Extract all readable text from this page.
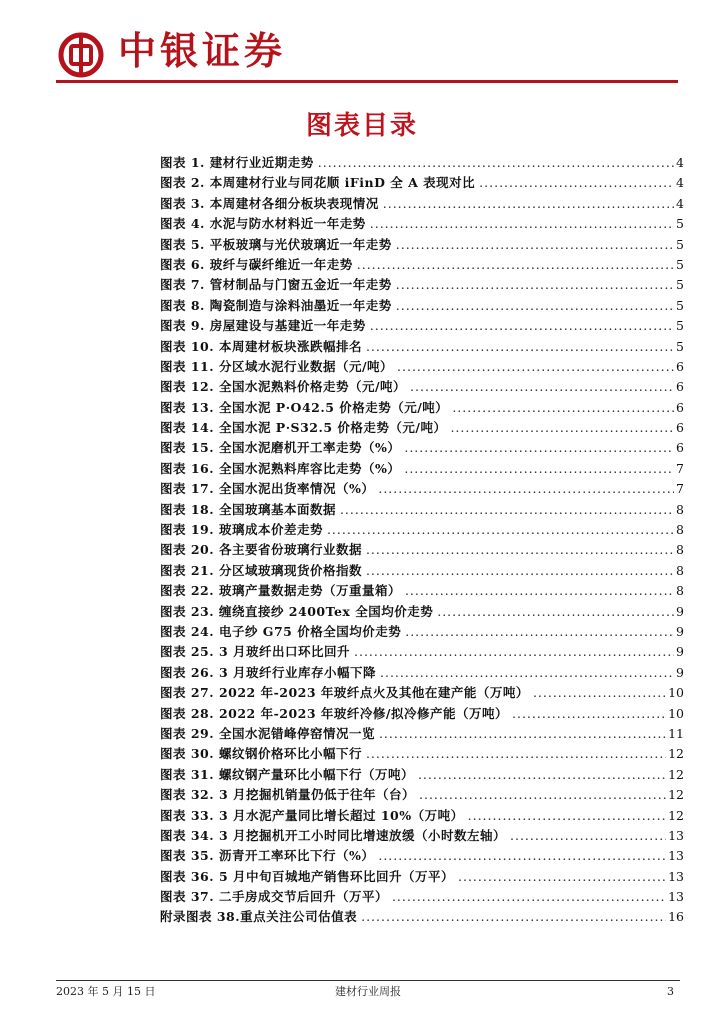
中银证券
图表目录
图表 1. 建材行业近期走势 .....	4
图表 2. 本周建材行业与同花顺 iFinD 全 A 表现对比 .....	4
图表 3. 本周建材各细分板块表现情况 .....	4
图表 4. 水泥与防水材料近一年走势 .....	5
图表 5. 平板玻璃与光伏玻璃近一年走势 .....	5
图表 6. 玻纤与碳纤维近一年走势 .....	5
图表 7. 管材制品与门窗五金近一年走势 .....	5
图表 8. 陶瓷制造与涂料油墨近一年走势 .....	5
图表 9. 房屋建设与基建近一年走势 .....	5
图表 10. 本周建材板块涨跌幅排名 .....	5
图表 11. 分区域水泥行业数据（元/吨） .....	6
图表 12. 全国水泥熟料价格走势（元/吨） .....	6
图表 13. 全国水泥 P·O42.5 价格走势（元/吨） .....	6
图表 14. 全国水泥 P·S32.5 价格走势（元/吨） .....	6
图表 15. 全国水泥磨机开工率走势（%） .....	6
图表 16. 全国水泥熟料库容比走势（%） .....	7
图表 17. 全国水泥出货率情况（%） .....	7
图表 18. 全国玻璃基本面数据 .....	8
图表 19. 玻璃成本价差走势 .....	8
图表 20. 各主要省份玻璃行业数据 .....	8
图表 21. 分区域玻璃现货价格指数 .....	8
图表 22. 玻璃产量数据走势（万重量箱） .....	8
图表 23. 缠绕直接纱 2400Tex 全国均价走势 .....	9
图表 24. 电子纱 G75 价格全国均价走势 .....	9
图表 25. 3 月玻纤出口环比回升 .....	9
图表 26. 3 月玻纤行业库存小幅下降 .....	9
图表 27. 2022 年-2023 年玻纤点火及其他在建产能（万吨） .....	10
图表 28. 2022 年-2023 年玻纤冷修/拟冷修产能（万吨） .....	10
图表 29. 全国水泥错峰停窑情况一览 .....	11
图表 30. 螺纹钢价格环比小幅下行 .....	12
图表 31. 螺纹钢产量环比小幅下行（万吨） .....	12
图表 32. 3 月挖掘机销量仍低于往年（台） .....	12
图表 33. 3 月水泥产量同比增长超过 10%（万吨） .....	12
图表 34. 3 月挖掘机开工小时同比增速放缓（小时数左轴） .....	13
图表 35. 沥青开工率环比下行（%） .....	13
图表 36. 5 月中旬百城地产销售环比回升（万平） .....	13
图表 37. 二手房成交节后回升（万平） .....	13
附录图表 38.重点关注公司估值表 .....	16
2023 年 5 月 15 日	建材行业周报	3
